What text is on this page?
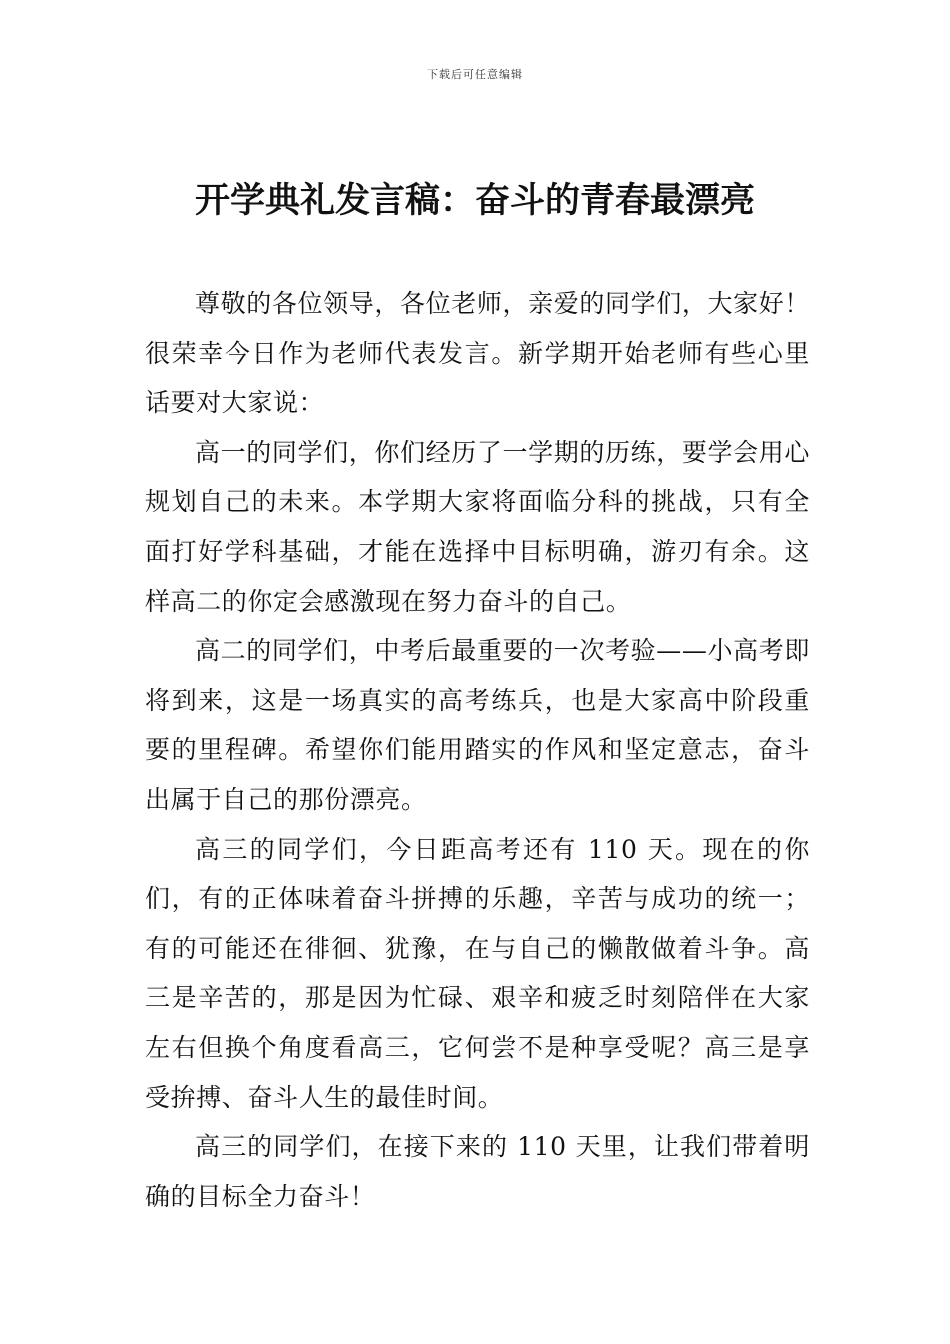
下载后可任意编辑
开学典礼发言稿：奋斗的青春最漂亮

尊敬的各位领导，各位老师，亲爱的同学们，大家好！很荣幸今日作为老师代表发言。新学期开始老师有些心里话要对大家说：

高一的同学们，你们经历了一学期的历练，要学会用心规划自己的未来。本学期大家将面临分科的挑战，只有全面打好学科基础，才能在选择中目标明确，游刃有余。这样高二的你定会感激现在努力奋斗的自己。

高二的同学们，中考后最重要的一次考验——小高考即将到来，这是一场真实的高考练兵，也是大家高中阶段重要的里程碑。希望你们能用踏实的作风和坚定意志，奋斗出属于自己的那份漂亮。

高三的同学们，今日距高考还有 110 天。现在的你们，有的正体味着奋斗拼搏的乐趣，辛苦与成功的统一；有的可能还在徘徊、犹豫，在与自己的懒散做着斗争。高三是辛苦的，那是因为忙碌、艰辛和疲乏时刻陪伴在大家左右但换个角度看高三，它何尝不是种享受呢？高三是享受拚搏、奋斗人生的最佳时间。

高三的同学们，在接下来的 110 天里，让我们带着明确的目标全力奋斗！
